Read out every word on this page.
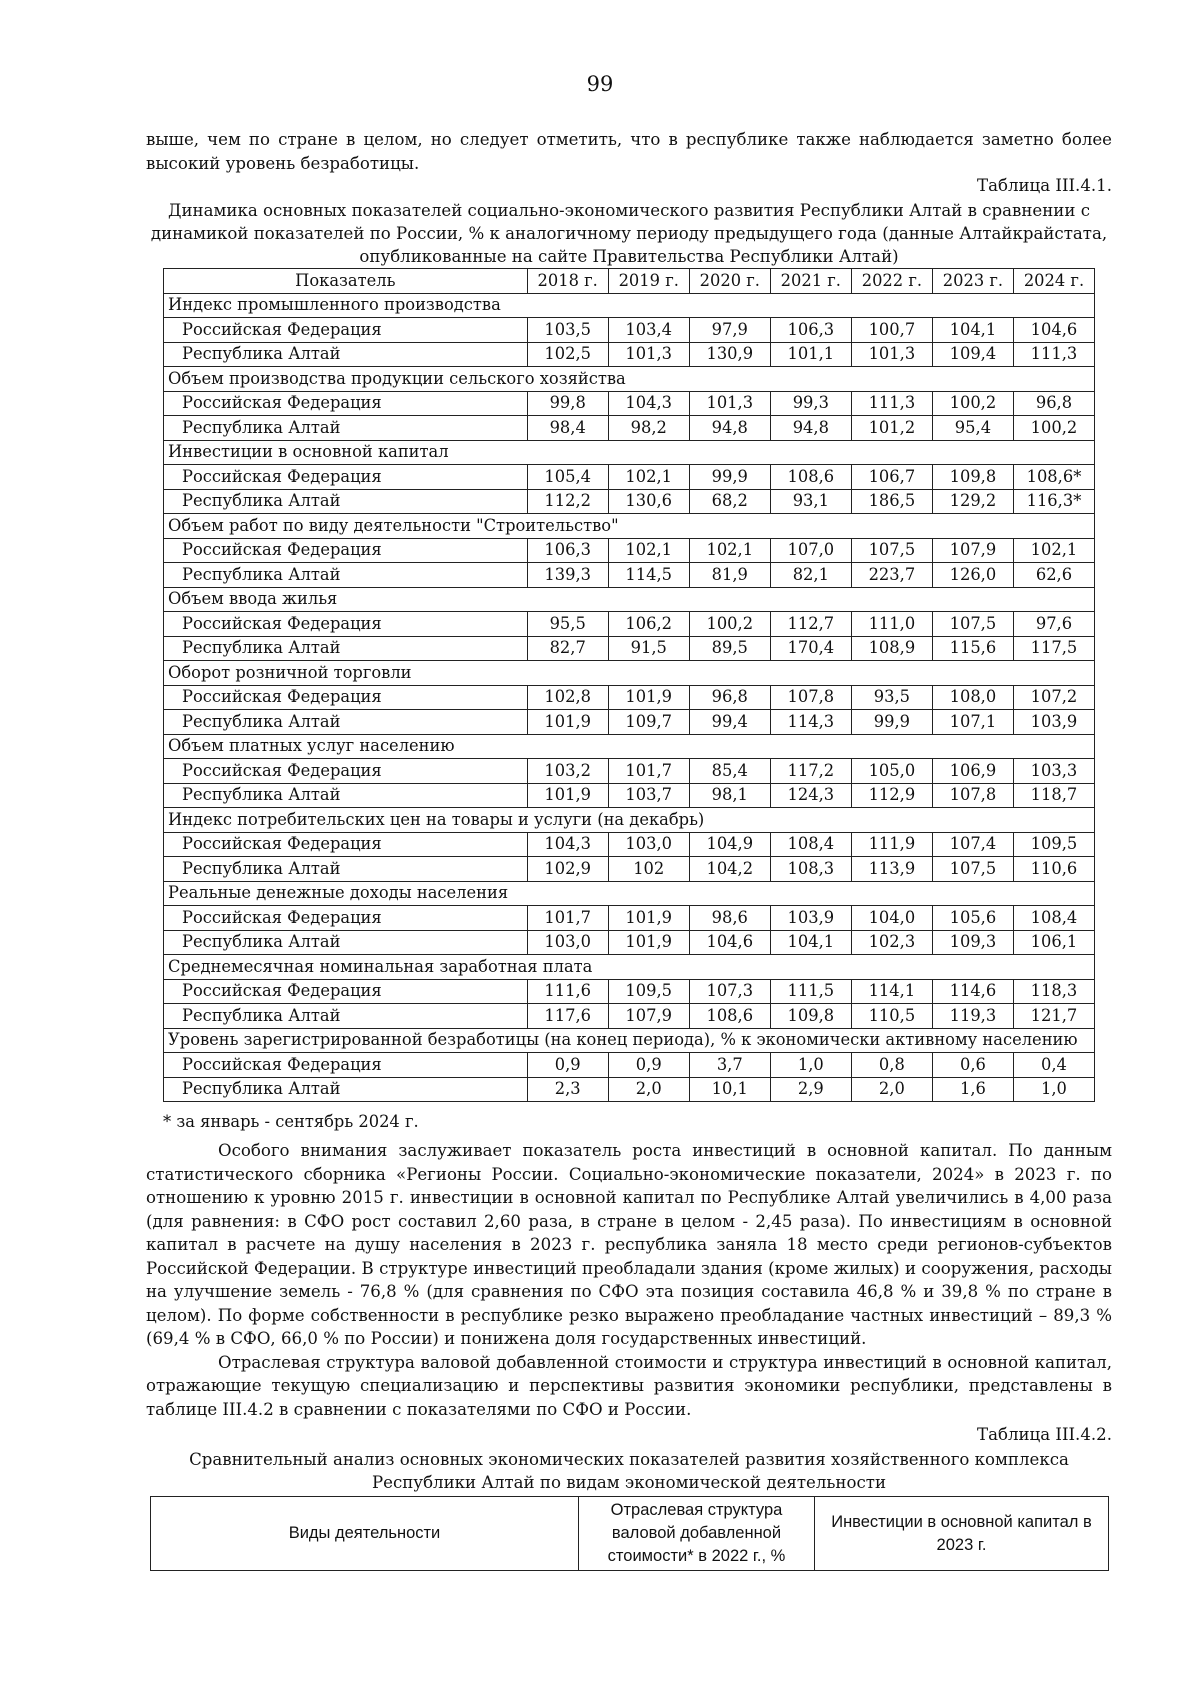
99
выше, чем по стране в целом, но следует отметить, что в республике также наблюдается заметно более высокий уровень безработицы.
Таблица III.4.1.
Динамика основных показателей социально-экономического развития Республики Алтай в сравнении с динамикой показателей по России, % к аналогичному периоду предыдущего года (данные Алтайкрайстата, опубликованные на сайте Правительства Республики Алтай)
Показатель	2018 г.	2019 г.	2020 г.	2021 г.	2022 г.	2023 г.	2024 г.
Индекс промышленного производства							
Российская Федерация	103,5	103,4	97,9	106,3	100,7	104,1	104,6
Республика Алтай	102,5	101,3	130,9	101,1	101,3	109,4	111,3
Объем производства продукции сельского хозяйства							
Российская Федерация	99,8	104,3	101,3	99,3	111,3	100,2	96,8
Республика Алтай	98,4	98,2	94,8	94,8	101,2	95,4	100,2
Инвестиции в основной капитал							
Российская Федерация	105,4	102,1	99,9	108,6	106,7	109,8	108,6*
Республика Алтай	112,2	130,6	68,2	93,1	186,5	129,2	116,3*
Объем работ по виду деятельности "Строительство"							
Российская Федерация	106,3	102,1	102,1	107,0	107,5	107,9	102,1
Республика Алтай	139,3	114,5	81,9	82,1	223,7	126,0	62,6
Объем ввода жилья							
Российская Федерация	95,5	106,2	100,2	112,7	111,0	107,5	97,6
Республика Алтай	82,7	91,5	89,5	170,4	108,9	115,6	117,5
Оборот розничной торговли							
Российская Федерация	102,8	101,9	96,8	107,8	93,5	108,0	107,2
Республика Алтай	101,9	109,7	99,4	114,3	99,9	107,1	103,9
Объем платных услуг населению							
Российская Федерация	103,2	101,7	85,4	117,2	105,0	106,9	103,3
Республика Алтай	101,9	103,7	98,1	124,3	112,9	107,8	118,7
Индекс потребительских цен на товары и услуги (на декабрь)							
Российская Федерация	104,3	103,0	104,9	108,4	111,9	107,4	109,5
Республика Алтай	102,9	102	104,2	108,3	113,9	107,5	110,6
Реальные денежные доходы населения							
Российская Федерация	101,7	101,9	98,6	103,9	104,0	105,6	108,4
Республика Алтай	103,0	101,9	104,6	104,1	102,3	109,3	106,1
Среднемесячная номинальная заработная плата							
Российская Федерация	111,6	109,5	107,3	111,5	114,1	114,6	118,3
Республика Алтай	117,6	107,9	108,6	109,8	110,5	119,3	121,7
Уровень зарегистрированной безработицы (на конец периода), % к экономически активному населению							
Российская Федерация	0,9	0,9	3,7	1,0	0,8	0,6	0,4
Республика Алтай	2,3	2,0	10,1	2,9	2,0	1,6	1,0
* за январь - сентябрь 2024 г.

Особого внимания заслуживает показатель роста инвестиций в основной капитал. По данным статистического сборника «Регионы России. Социально-экономические показатели, 2024» в 2023 г. по отношению к уровню 2015 г. инвестиции в основной капитал по Республике Алтай увеличились в 4,00 раза (для равнения: в СФО рост составил 2,60 раза, в стране в целом - 2,45 раза). По инвестициям в основной капитал в расчете на душу населения в 2023 г. республика заняла 18 место среди регионов-субъектов Российской Федерации. В структуре инвестиций преобладали здания (кроме жилых) и сооружения, расходы на улучшение земель - 76,8 % (для сравнения по СФО эта позиция составила 46,8 % и 39,8 % по стране в целом). По форме собственности в республике резко выражено преобладание частных инвестиций – 89,3 % (69,4 % в СФО, 66,0 % по России) и понижена доля государственных инвестиций.

Отраслевая структура валовой добавленной стоимости и структура инвестиций в основной капитал, отражающие текущую специализацию и перспективы развития экономики республики, представлены в таблице III.4.2 в сравнении с показателями по СФО и России.

Таблица III.4.2.
Сравнительный анализ основных экономических показателей развития хозяйственного комплекса Республики Алтай по видам экономической деятельности
Виды деятельности	Отраслевая структура валовой добавленной стоимости* в 2022 г., %	Инвестиции в основной капитал в 2023 г.
